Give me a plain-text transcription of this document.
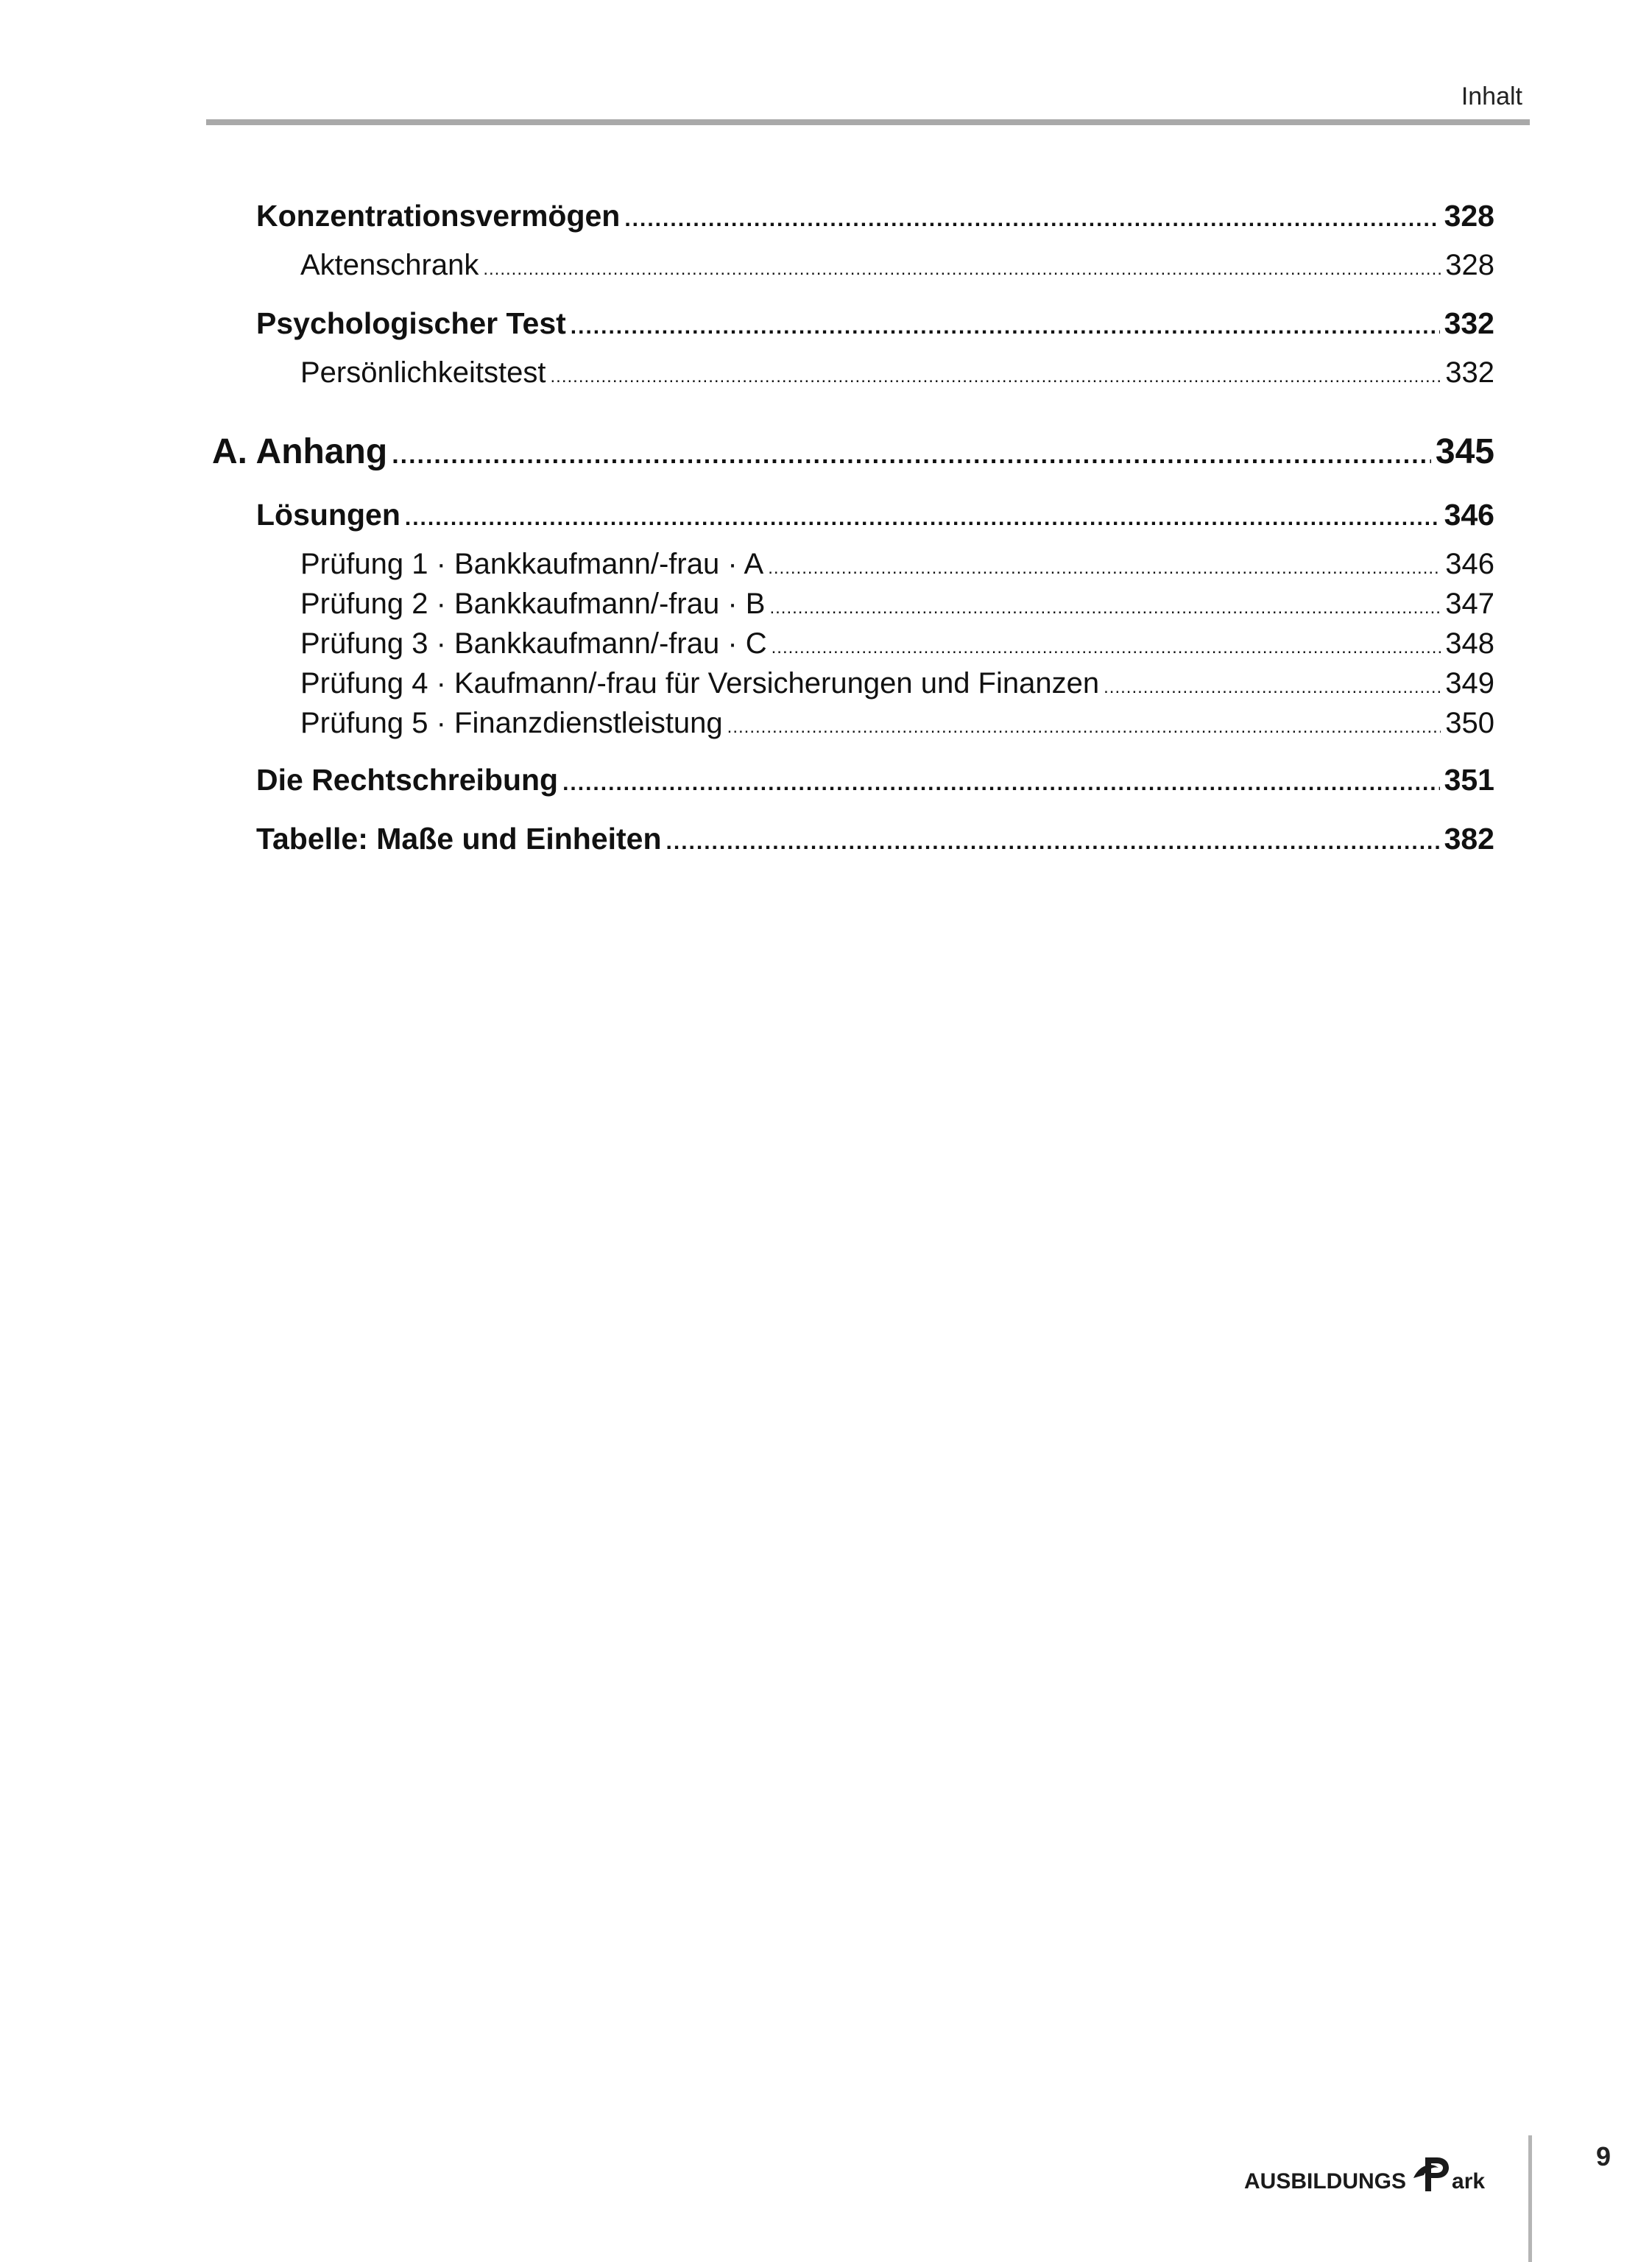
Inhalt
Konzentrationsvermögen .....	328
Aktenschrank .....	328
Psychologischer Test .....	332
Persönlichkeitstest .....	332
A. Anhang .....	345
Lösungen .....	346
Prüfung 1 · Bankkaufmann/-frau · A .....	346
Prüfung 2 · Bankkaufmann/-frau · B .....	347
Prüfung 3 · Bankkaufmann/-frau · C .....	348
Prüfung 4 · Kaufmann/-frau für Versicherungen und Finanzen .....	349
Prüfung 5 · Finanzdienstleistung .....	350
Die Rechtschreibung .....	351
Tabelle: Maße und Einheiten .....	382
AUSBILDUNGS ark
9
